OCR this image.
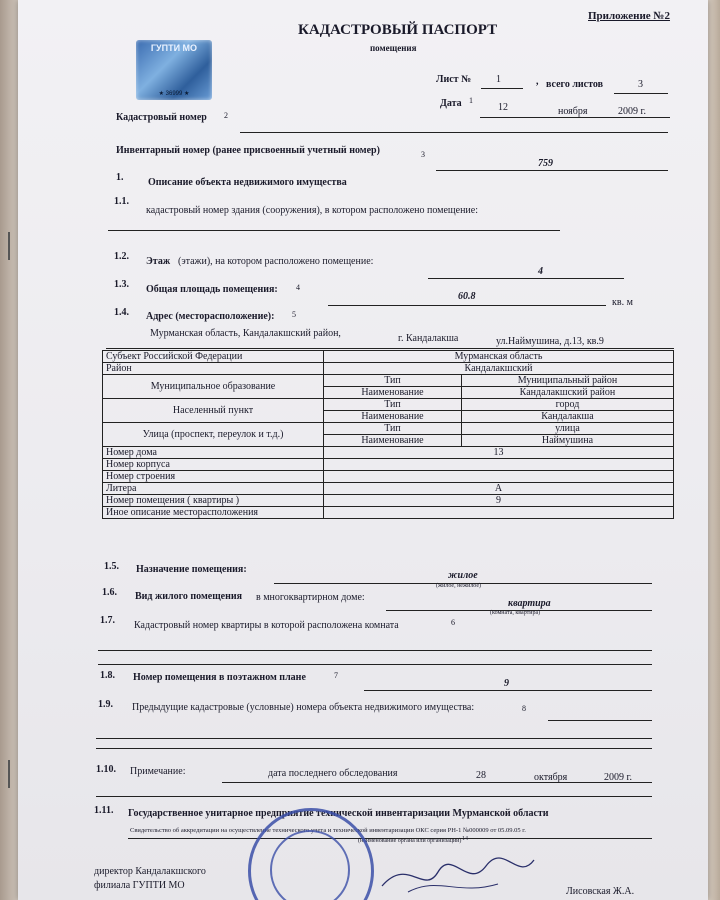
Приложение №2
ГУПТИ МО
★ 36999 ★
КАДАСТРОВЫЙ ПАСПОРТ
помещения
Лист № 1	, всего листов	3
Дата 1
12	ноября	2009 г.
Кадастровый номер 2
Инвентарный номер (ранее присвоенный учетный номер)	3
759
1. Описание объекта недвижимого имущества
1.1.
кадастровый номер здания (сооружения), в котором расположено помещение:
1.2. Этаж (этажи), на котором расположено помещение:
4
1.3. Общая площадь помещения: 4
60.8
кв. м
1.4. Адрес (месторасположение): 5
Мурманская область, Кандалакшский район,	г. Кандалакша	ул.Наймушина, д.13, кв.9
Субъект Российской Федерации	Мурманская область	
Район	Кандалакшский	
Муниципальное образование	Тип	Муниципальный район
	Наименование	Кандалакшский район
Населенный пункт	Тип	город
	Наименование	Кандалакша
Улица (проспект, переулок и т.д.)	Тип	улица
	Наименование	Наймушина
Номер дома	13	
Номер корпуса		
Номер строения		
Литера	А	
Номер помещения ( квартиры )	9	
Иное описание месторасположения		
1.5. Назначение помещения:
жилое
(жилое, нежилое)
1.6. Вид жилого помещения в многоквартирном доме:
квартира
(комната, квартира)
1.7. Кадастровый номер квартиры в которой расположена комната	6
1.8. Номер помещения в поэтажном плане	7
9
1.9. Предыдущие кадастровые (условные) номера объекта недвижимого имущества:	8
1.10. Примечание:	дата последнего обследования	28	октября	2009 г.
1.11. Государственное унитарное предприятие технической инвентаризации Мурманской области
Свидетельство об аккредитации на осуществление технического учета и технической инвентаризации ОКС серия РН-1 №000009 от 05.09.05 г.
(наименование органа или организации) 14
директор Кандалакшского
филиала ГУПТИ МО
Лисовская Ж.А.
